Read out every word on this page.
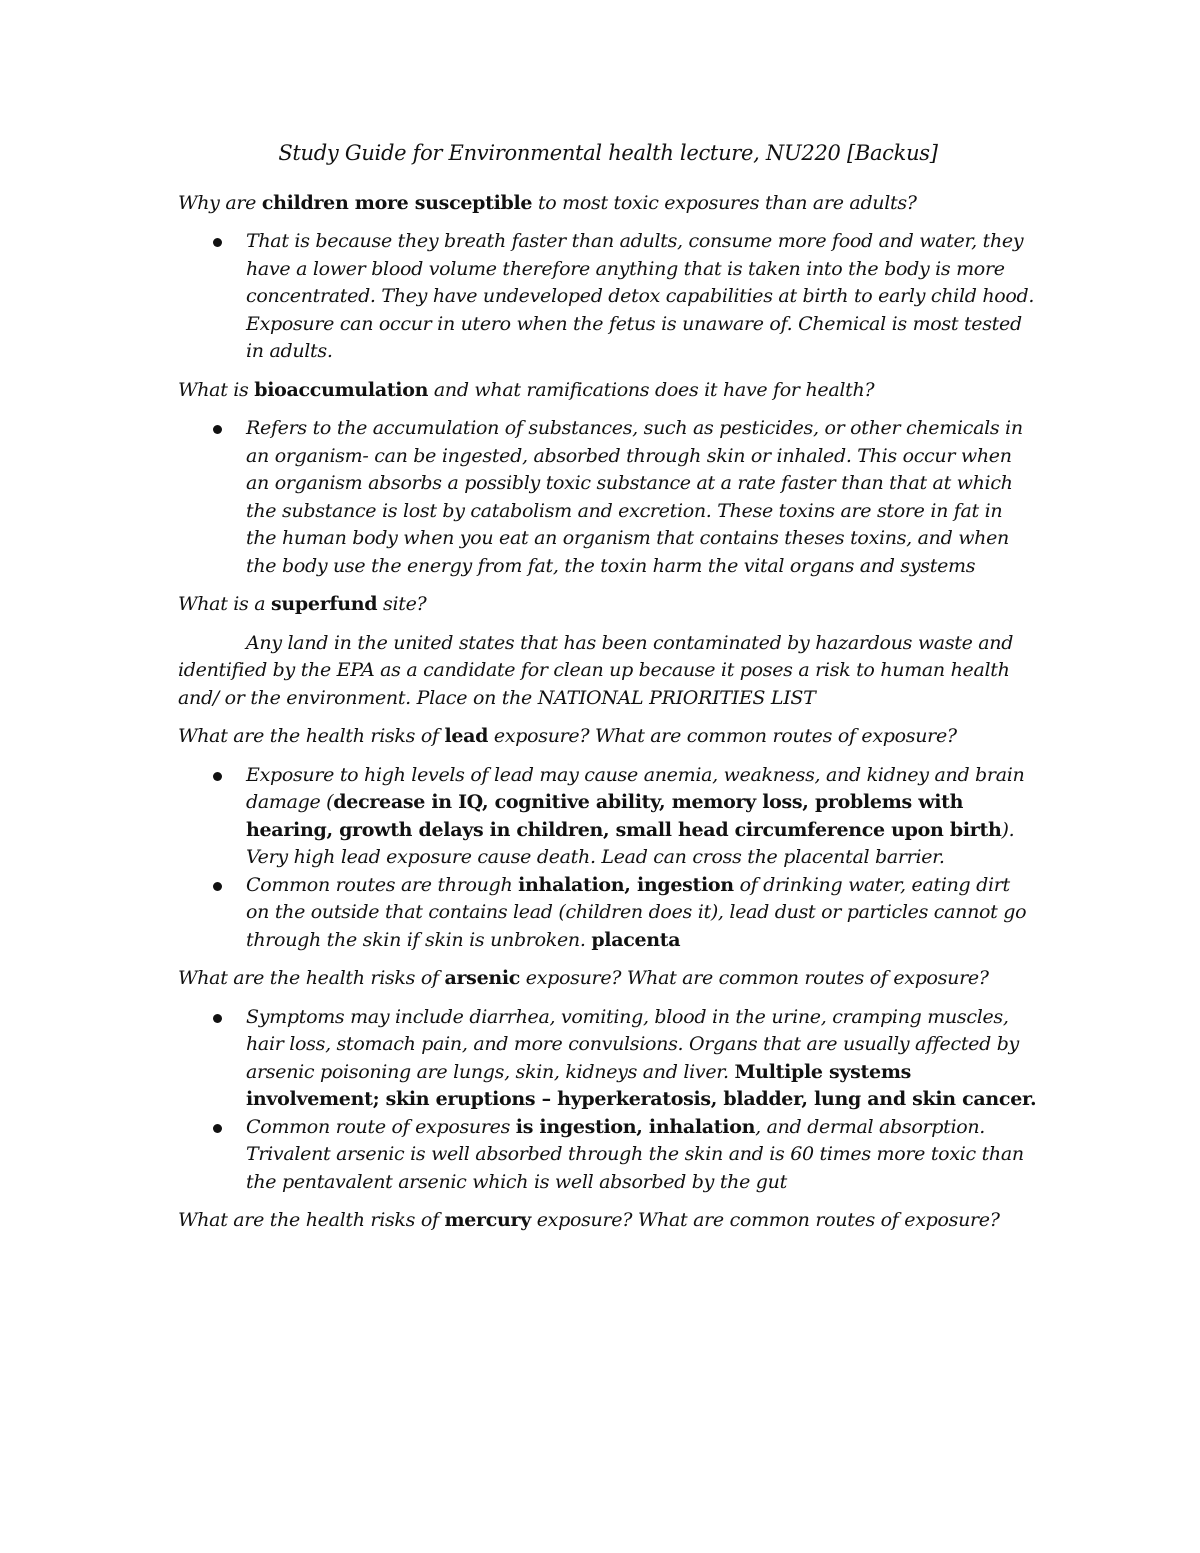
Study Guide for Environmental health lecture, NU220 [Backus]

Why are children more susceptible to most toxic exposures than are adults?

That is because they breath faster than adults, consume more food and water, they have a lower blood volume therefore anything that is taken into the body is more concentrated. They have undeveloped detox capabilities at birth to early child hood. Exposure can occur in utero when the fetus is unaware of. Chemical is most tested in adults.

What is bioaccumulation and what ramifications does it have for health?

Refers to the accumulation of substances, such as pesticides, or other chemicals in an organism- can be ingested, absorbed through skin or inhaled. This occur when an organism absorbs a possibly toxic substance at a rate faster than that at which the substance is lost by catabolism and excretion. These toxins are store in fat in the human body when you eat an organism that contains theses toxins, and when the body use the energy from fat, the toxin harm the vital organs and systems

What is a superfund site?

Any land in the united states that has been contaminated by hazardous waste and identified by the EPA as a candidate for clean up because it poses a risk to human health and/ or the environment. Place on the NATIONAL PRIORITIES LIST

What are the health risks of lead exposure? What are common routes of exposure?

Exposure to high levels of lead may cause anemia, weakness, and kidney and brain damage (decrease in IQ, cognitive ability, memory loss, problems with hearing, growth delays in children, small head circumference upon birth). Very high lead exposure cause death. Lead can cross the placental barrier.
Common routes are through inhalation, ingestion of drinking water, eating dirt on the outside that contains lead (children does it), lead dust or particles cannot go through the skin if skin is unbroken. placenta

What are the health risks of arsenic exposure? What are common routes of exposure?

Symptoms may include diarrhea, vomiting, blood in the urine, cramping muscles, hair loss, stomach pain, and more convulsions. Organs that are usually affected by arsenic poisoning are lungs, skin, kidneys and liver. Multiple systems involvement; skin eruptions – hyperkeratosis, bladder, lung and skin cancer.
Common route of exposures is ingestion, inhalation, and dermal absorption. Trivalent arsenic is well absorbed through the skin and is 60 times more toxic than the pentavalent arsenic which is well absorbed by the gut

What are the health risks of mercury exposure? What are common routes of exposure?
